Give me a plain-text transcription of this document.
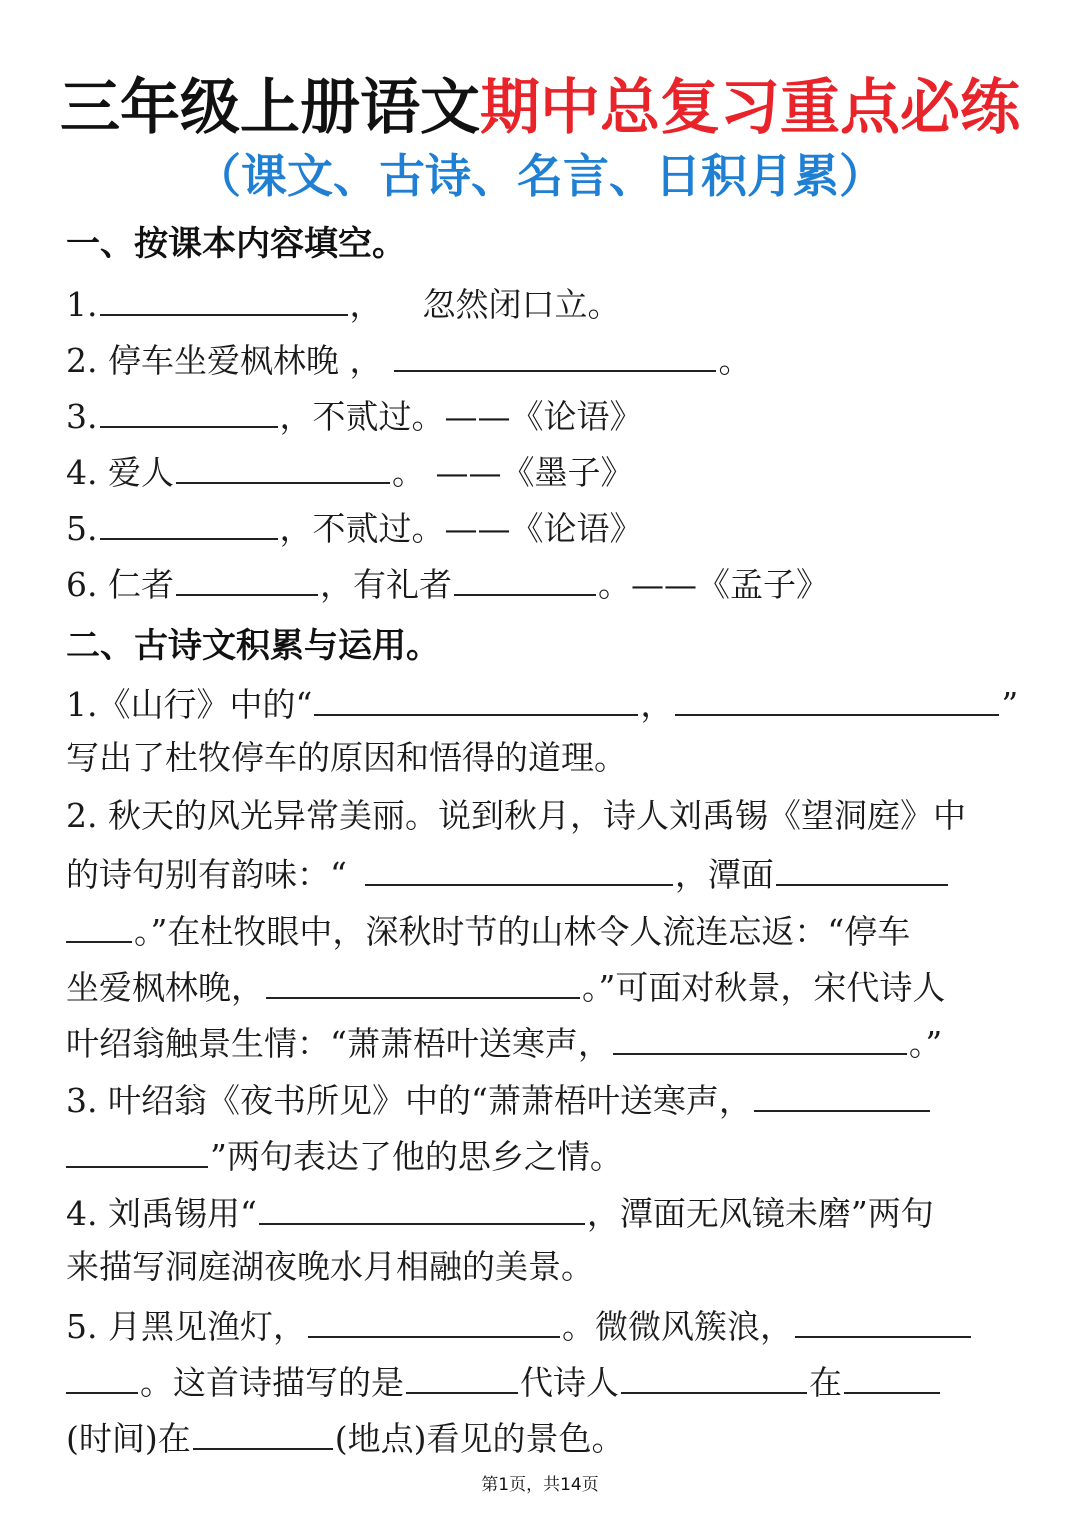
三年级上册语文期中总复习重点必练
（课文、古诗、名言、日积月累）
一、按课本内容填空。
1.	， 忽然闭口立。
2. 停车坐爱枫林晚 ，	。
3.	，不贰过。——《论语》
4. 爱人	。 ——《墨子》
5.	，不贰过。——《论语》
6. 仁者	，有礼者	。——《孟子》
二、古诗文积累与运用。
1.《山行》中的“	，	”
写出了杜牧停车的原因和悟得的道理。
2. 秋天的风光异常美丽。说到秋月，诗人刘禹锡《望洞庭》中
的诗句别有韵味：“	，潭面
。”在杜牧眼中，深秋时节的山林令人流连忘返：“停车
坐爱枫林晚，	。”可面对秋景，宋代诗人
叶绍翁触景生情：“萧萧梧叶送寒声，	。”
3. 叶绍翁《夜书所见》中的“萧萧梧叶送寒声，
”两句表达了他的思乡之情。
4. 刘禹锡用“	，潭面无风镜未磨”两句
来描写洞庭湖夜晚水月相融的美景。
5. 月黑见渔灯，	。微微风簇浪，
。这首诗描写的是	代诗人	在
(时间)在	(地点)看见的景色。
第1页，共14页
